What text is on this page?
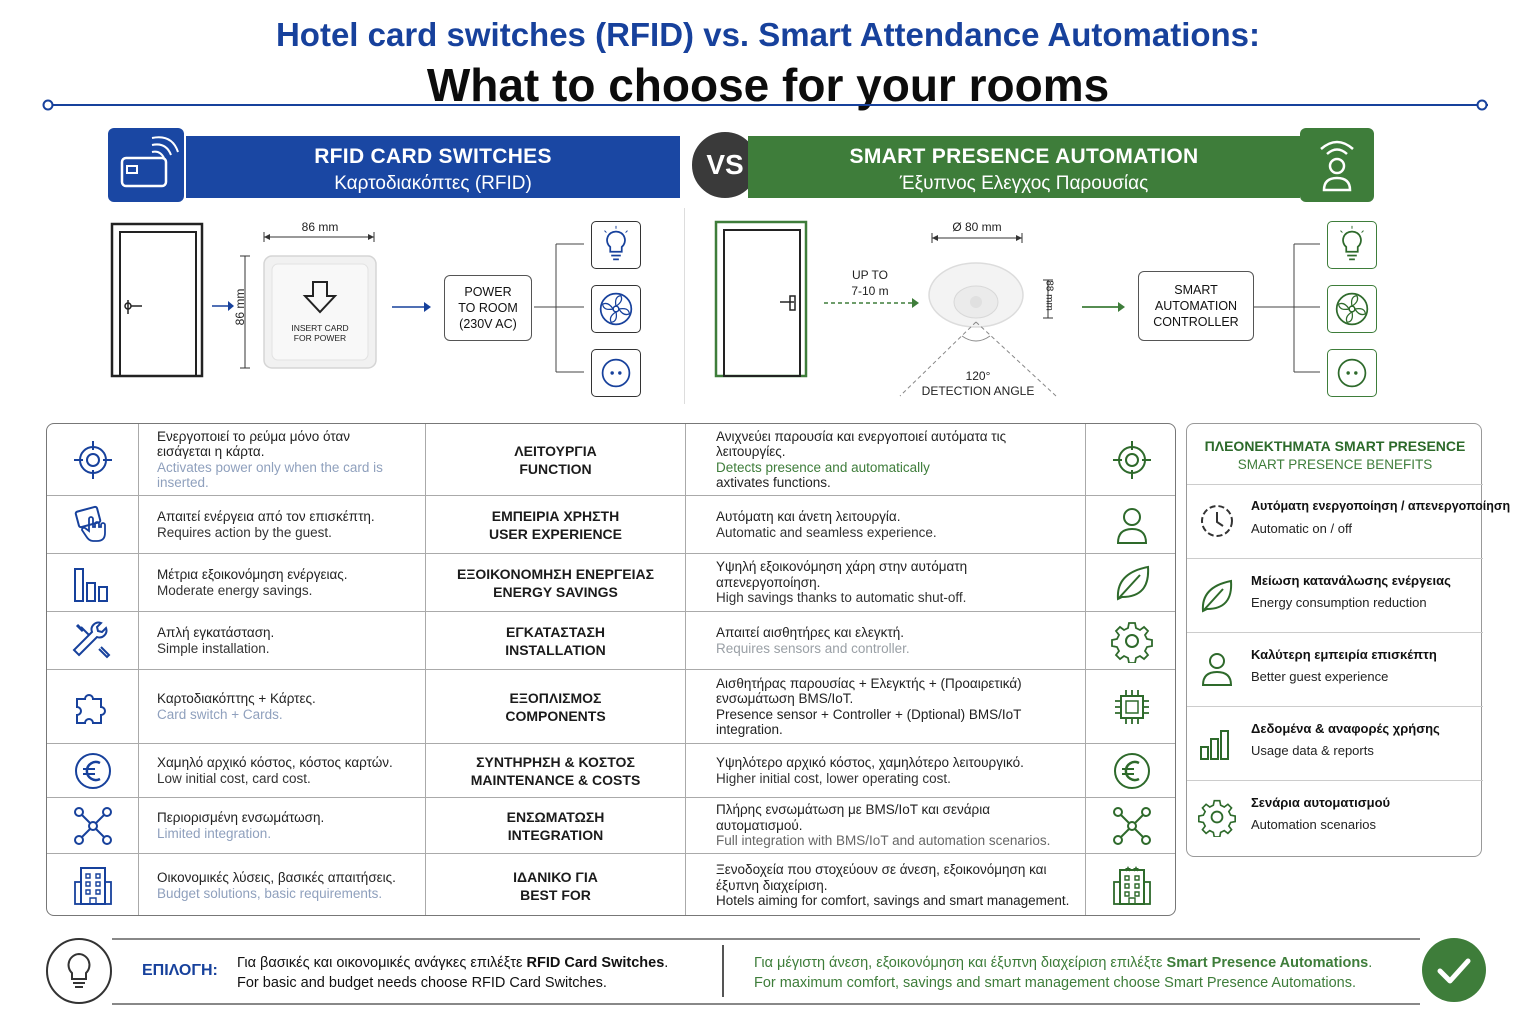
Hotel card switches (RFID) vs. Smart Attendance Automations:
What to choose for your rooms
RFID CARD SWITCHES
Καρτοδιακόπτες (RFID)
VS	SMART PRESENCE AUTOMATION
Έξυπνος Ελεγχος Παρουσίας
86 mm
86 mm
INSERT CARD
FOR POWER
POWER
TO ROOM
(230V AC)
UP TO
7-10 m
Ø 80 mm
88 mm
120°
DETECTION ANGLE
SMART
AUTOMATION
CONTROLLER
Ενεργοποιεί το ρεύμα μόνο όταν εισάγεται η κάρτα.
Activates power only when the card is inserted.
ΛΕΙΤΟΥΡΓΙΑ
FUNCTION
Ανιχνεύει παρουσία και ενεργοποιεί αυτόματα τις λειτουργίες.
Detects presence and automatically
axtivates functions.
Απαιτεί ενέργεια από τον επισκέπτη.
Requires action by the guest.
ΕΜΠΕΙΡΙΑ ΧΡΗΣΤΗ
USER EXPERIENCE
Αυτόματη και άνετη λειτουργία.
Automatic and seamless experience.
Μέτρια εξοικονόμηση ενέργειας.
Moderate energy savings.
ΕΞΟΙΚΟΝΟΜΗΣΗ ΕΝΕΡΓΕΙΑΣ
ENERGY SAVINGS
Υψηλή εξοικονόμηση χάρη στην αυτόματη απενεργοποίηση.
High savings thanks to automatic shut-off.
Απλή εγκατάσταση.
Simple installation.
ΕΓΚΑΤΑΣΤΑΣΗ
INSTALLATION
Απαιτεί αισθητήρες και ελεγκτή.
Requires sensors and controller.
Καρτοδιακόπτης + Κάρτες.
Card switch + Cards.
ΕΞΟΠΛΙΣΜΟΣ
COMPONENTS
Αισθητήρας παρουσίας + Ελεγκτής + (Προαιρετικά) ενσωμάτωση BMS/IoT.
Presence sensor + Controller + (Dptional) BMS/IoT integration.
Χαμηλό αρχικό κόστος, κόστος καρτών.
Low initial cost, card cost.
ΣΥΝΤΗΡΗΣΗ & ΚΟΣΤΟΣ
MAINTENANCE & COSTS
Υψηλότερο αρχικό κόστος, χαμηλότερο λειτουργικό.
Higher initial cost, lower operating cost.
Περιορισμένη ενσωμάτωση.
Limited integration.
ΕΝΣΩΜΑΤΩΣΗ
INTEGRATION
Πλήρης ενσωμάτωση με BMS/IoT και σενάρια αυτοματισμού.
Full integration with BMS/IoT and automation scenarios.
Οικονομικές λύσεις, βασικές απαιτήσεις.
Budget solutions, basic requirements.
ΙΔΑΝΙΚΟ ΓΙΑ
BEST FOR
Ξενοδοχεία που στοχεύουν σε άνεση, εξοικονόμηση και έξυπνη διαχείριση.
Hotels aiming for comfort, savings and smart management.
ΠΛΕΟΝΕΚΤΗΜΑΤΑ SMART PRESENCE
SMART PRESENCE BENEFITS
Αυτόματη ενεργοποίηση / απενεργοποίηση
Automatic on / off
Μείωση κατανάλωσης ενέργειας
Energy consumption reduction
Καλύτερη εμπειρία επισκέπτη
Better guest experience
Δεδομένα & αναφορές χρήσης
Usage data & reports
Σενάρια αυτοματισμού
Automation scenarios
ΕΠΙΛΟΓΗ: Για βασικές και οικονομικές ανάγκες επιλέξτε RFID Card Switches.
For basic and budget needs choose RFID Card Switches.
Για μέγιστη άνεση, εξοικονόμηση και έξυπνη διαχείριση επιλέξτε Smart Presence Automations.
For maximum comfort, savings and smart management choose Smart Presence Automations.
